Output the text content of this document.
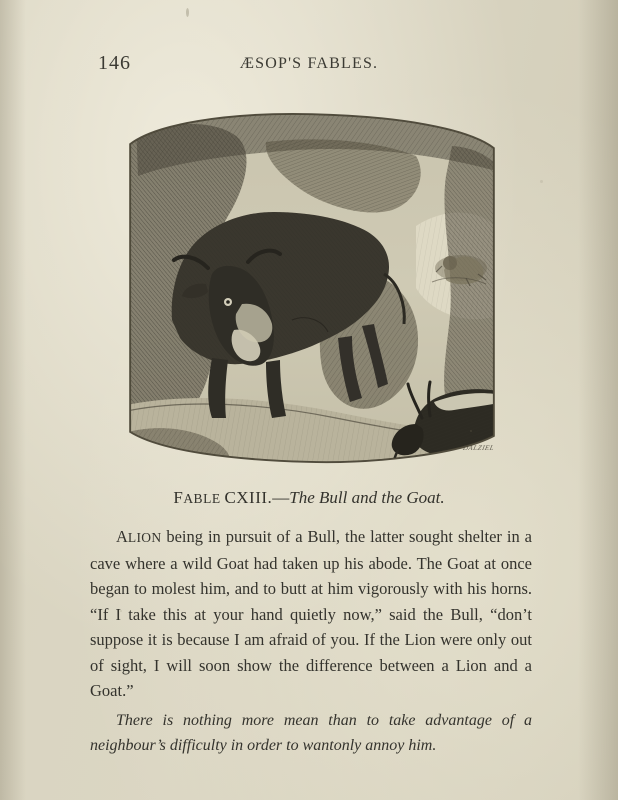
146	ÆSOP'S FABLES.
DALZIEL
FABLE CXIII.—The Bull and the Goat.

ALION being in pursuit of a Bull, the latter sought shelter in a cave where a wild Goat had taken up his abode. The Goat at once began to molest him, and to butt at him vigorously with his horns. “If I take this at your hand quietly now,” said the Bull, “don’t suppose it is because I am afraid of you. If the Lion were only out of sight, I will soon show the difference between a Lion and a Goat.”

There is nothing more mean than to take advantage of a neighbour’s difficulty in order to wantonly annoy him.
